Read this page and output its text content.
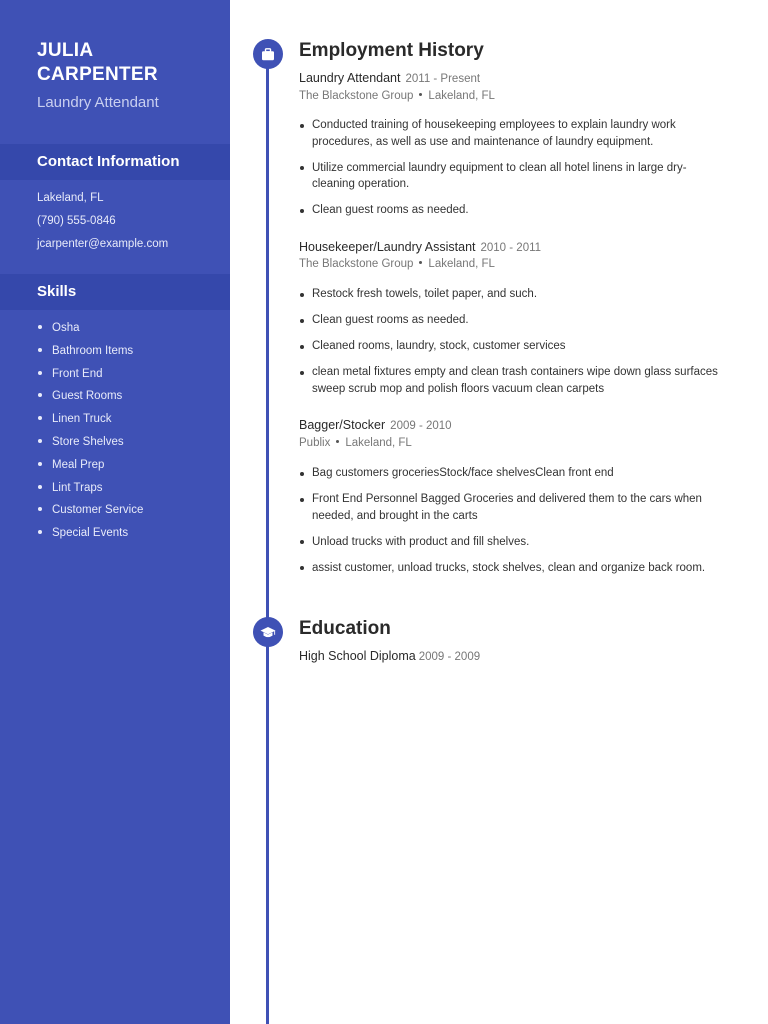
JULIA
CARPENTER
Laundry Attendant
Contact Information
Lakeland, FL
(790) 555-0846
jcarpenter@example.com
Skills
Osha
Bathroom Items
Front End
Guest Rooms
Linen Truck
Store Shelves
Meal Prep
Lint Traps
Customer Service
Special Events
Employment History
Laundry Attendant 2011 - Present
The Blackstone Group Lakeland, FL
Conducted training of housekeeping employees to explain laundry work procedures, as well as use and maintenance of laundry equipment.
Utilize commercial laundry equipment to clean all hotel linens in large dry-cleaning operation.
Clean guest rooms as needed.
Housekeeper/Laundry Assistant 2010 - 2011
The Blackstone Group Lakeland, FL
Restock fresh towels, toilet paper, and such.
Clean guest rooms as needed.
Cleaned rooms, laundry, stock, customer services
clean metal fixtures empty and clean trash containers wipe down glass surfaces sweep scrub mop and polish floors vacuum clean carpets
Bagger/Stocker 2009 - 2010
Publix Lakeland, FL
Bag customers groceriesStock/face shelvesClean front end
Front End Personnel Bagged Groceries and delivered them to the cars when needed, and brought in the carts
Unload trucks with product and fill shelves.
assist customer, unload trucks, stock shelves, clean and organize back room.
Education
High School Diploma 2009 - 2009
